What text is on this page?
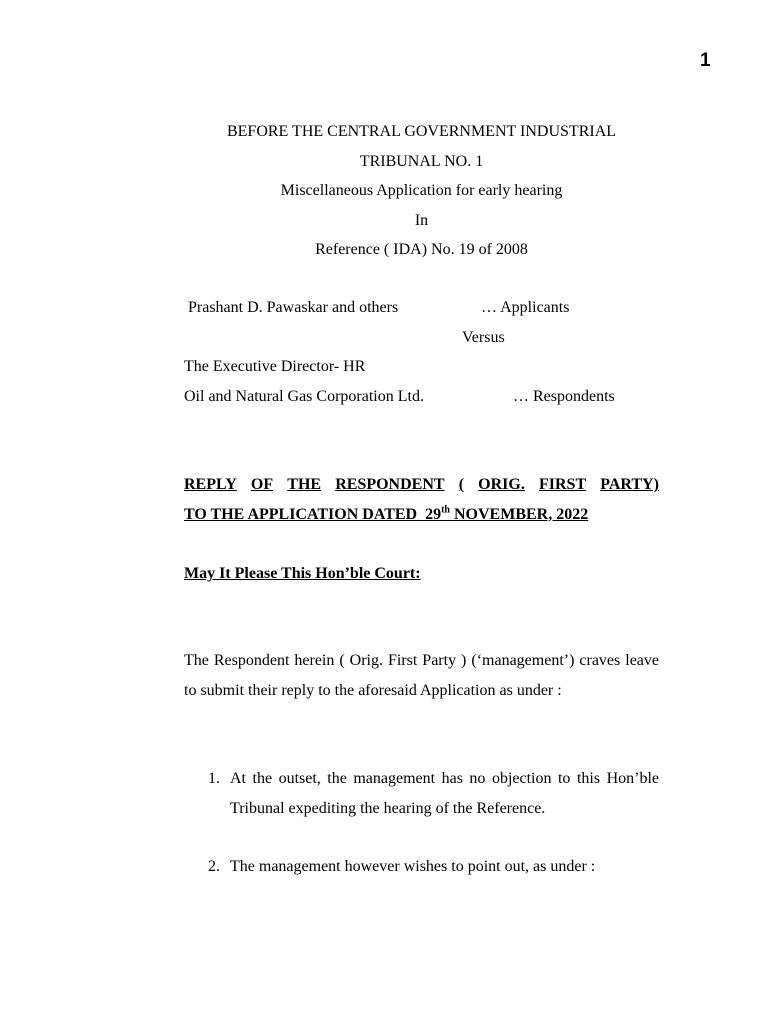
1
BEFORE THE CENTRAL GOVERNMENT INDUSTRIAL
TRIBUNAL NO. 1
Miscellaneous Application for early hearing
In
Reference ( IDA) No. 19 of 2008
Prashant D. Pawaskar and others	… Applicants
Versus
The Executive Director- HR
Oil and Natural Gas Corporation Ltd.	… Respondents
REPLY OF THE RESPONDENT ( ORIG. FIRST PARTY)
TO THE APPLICATION DATED  29th NOVEMBER, 2022
May It Please This Hon’ble Court:
The Respondent herein ( Orig. First Party ) (‘management’) craves leave to submit their reply to the aforesaid Application as under :
1. At the outset, the management has no objection to this Hon’ble Tribunal expediting the hearing of the Reference.
2. The management however wishes to point out, as under :
